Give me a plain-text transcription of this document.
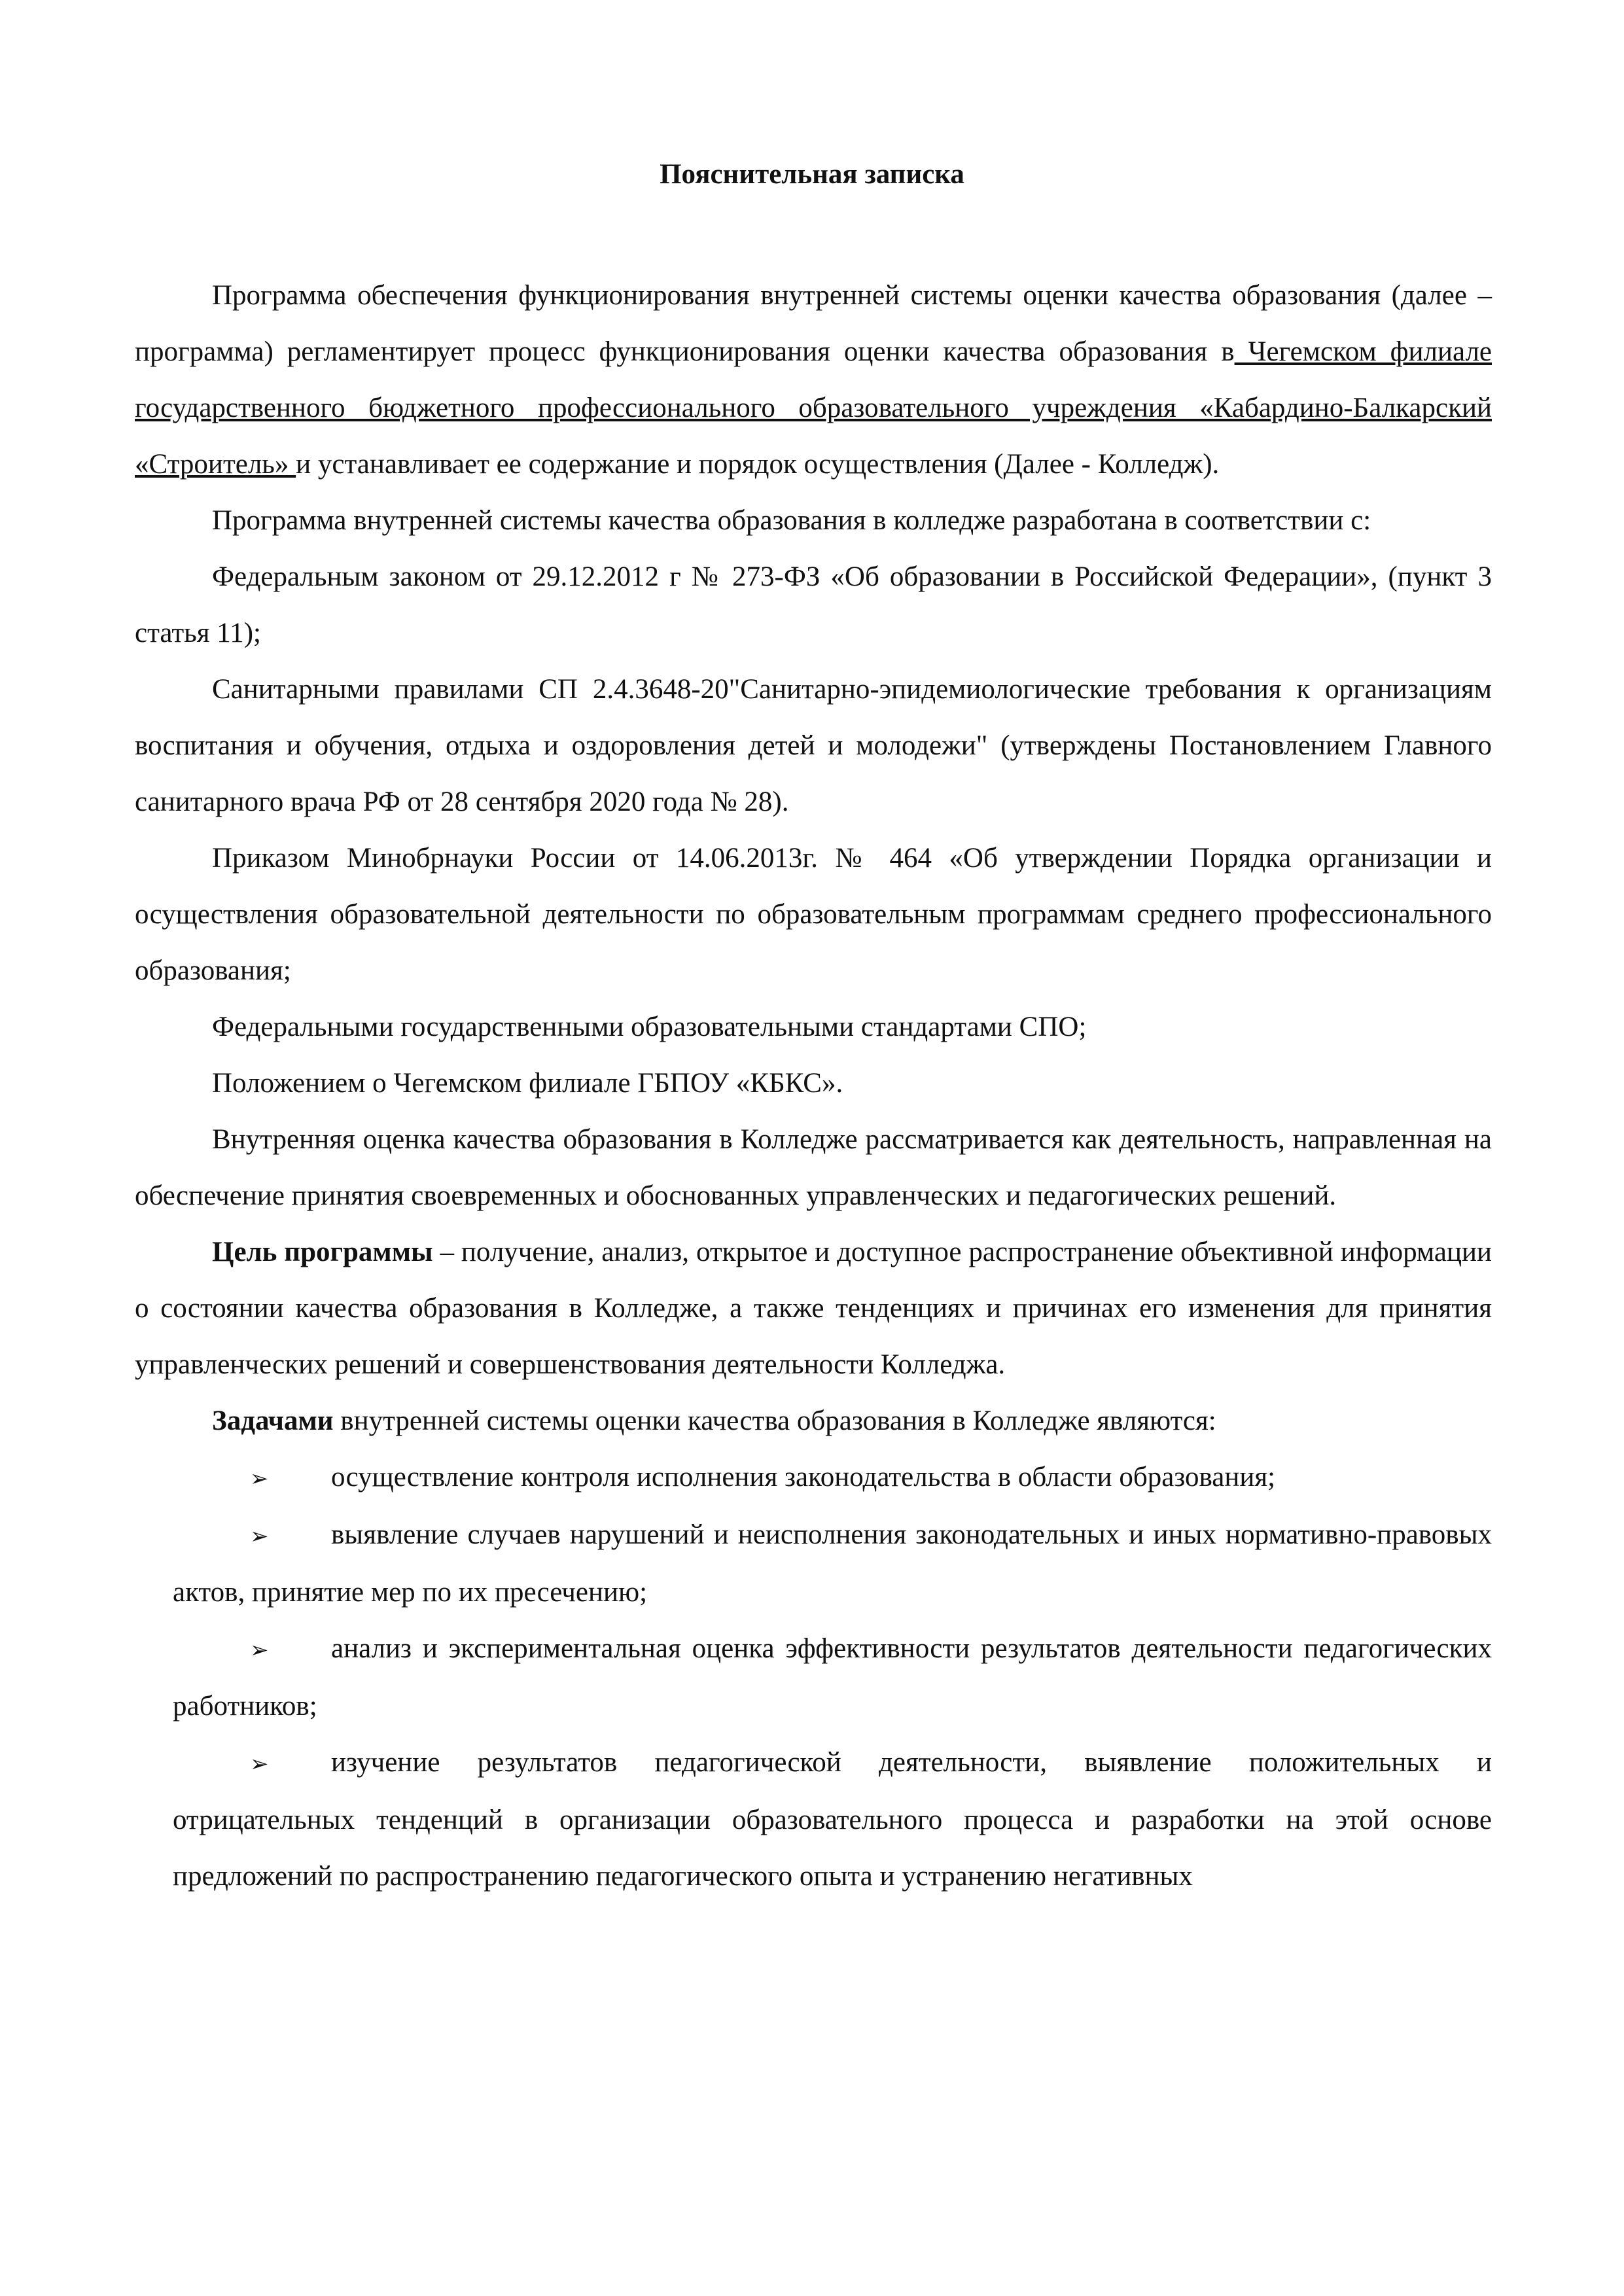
Пояснительная записка

Программа обеспечения функционирования внутренней системы оценки качества образования (далее – программа) регламентирует процесс функционирования оценки качества образования в Чегемском филиале государственного бюджетного профессионального образовательного учреждения «Кабардино-Балкарский «Строитель» и устанавливает ее содержание и порядок осуществления (Далее - Колледж).

Программа внутренней системы качества образования в колледже разработана в соответствии с:

Федеральным законом от 29.12.2012 г № 273-ФЗ «Об образовании в Российской Федерации», (пункт 3 статья 11);

Санитарными правилами СП 2.4.3648-20"Санитарно-эпидемиологические требования к организациям воспитания и обучения, отдыха и оздоровления детей и молодежи" (утверждены Постановлением Главного санитарного врача РФ от 28 сентября 2020 года № 28).

Приказом Минобрнауки России от 14.06.2013г. № 464 «Об утверждении Порядка организации и осуществления образовательной деятельности по образовательным программам среднего профессионального образования;

Федеральными государственными образовательными стандартами СПО;

Положением о Чегемском филиале ГБПОУ «КБКС».

Внутренняя оценка качества образования в Колледже рассматривается как деятельность, направленная на обеспечение принятия своевременных и обоснованных управленческих и педагогических решений.

Цель программы – получение, анализ, открытое и доступное распространение объективной информации о состоянии качества образования в Колледже, а также тенденциях и причинах его изменения для принятия управленческих решений и совершенствования деятельности Колледжа.

Задачами внутренней системы оценки качества образования в Колледже являются:

➢ осуществление контроля исполнения законодательства в области образования;
➢ выявление случаев нарушений и неисполнения законодательных и иных нормативно-правовых актов, принятие мер по их пресечению;
➢ анализ и экспериментальная оценка эффективности результатов деятельности педагогических работников;
➢ изучение результатов педагогической деятельности, выявление положительных и отрицательных тенденций в организации образовательного процесса и разработки на этой основе предложений по распространению педагогического опыта и устранению негативных
